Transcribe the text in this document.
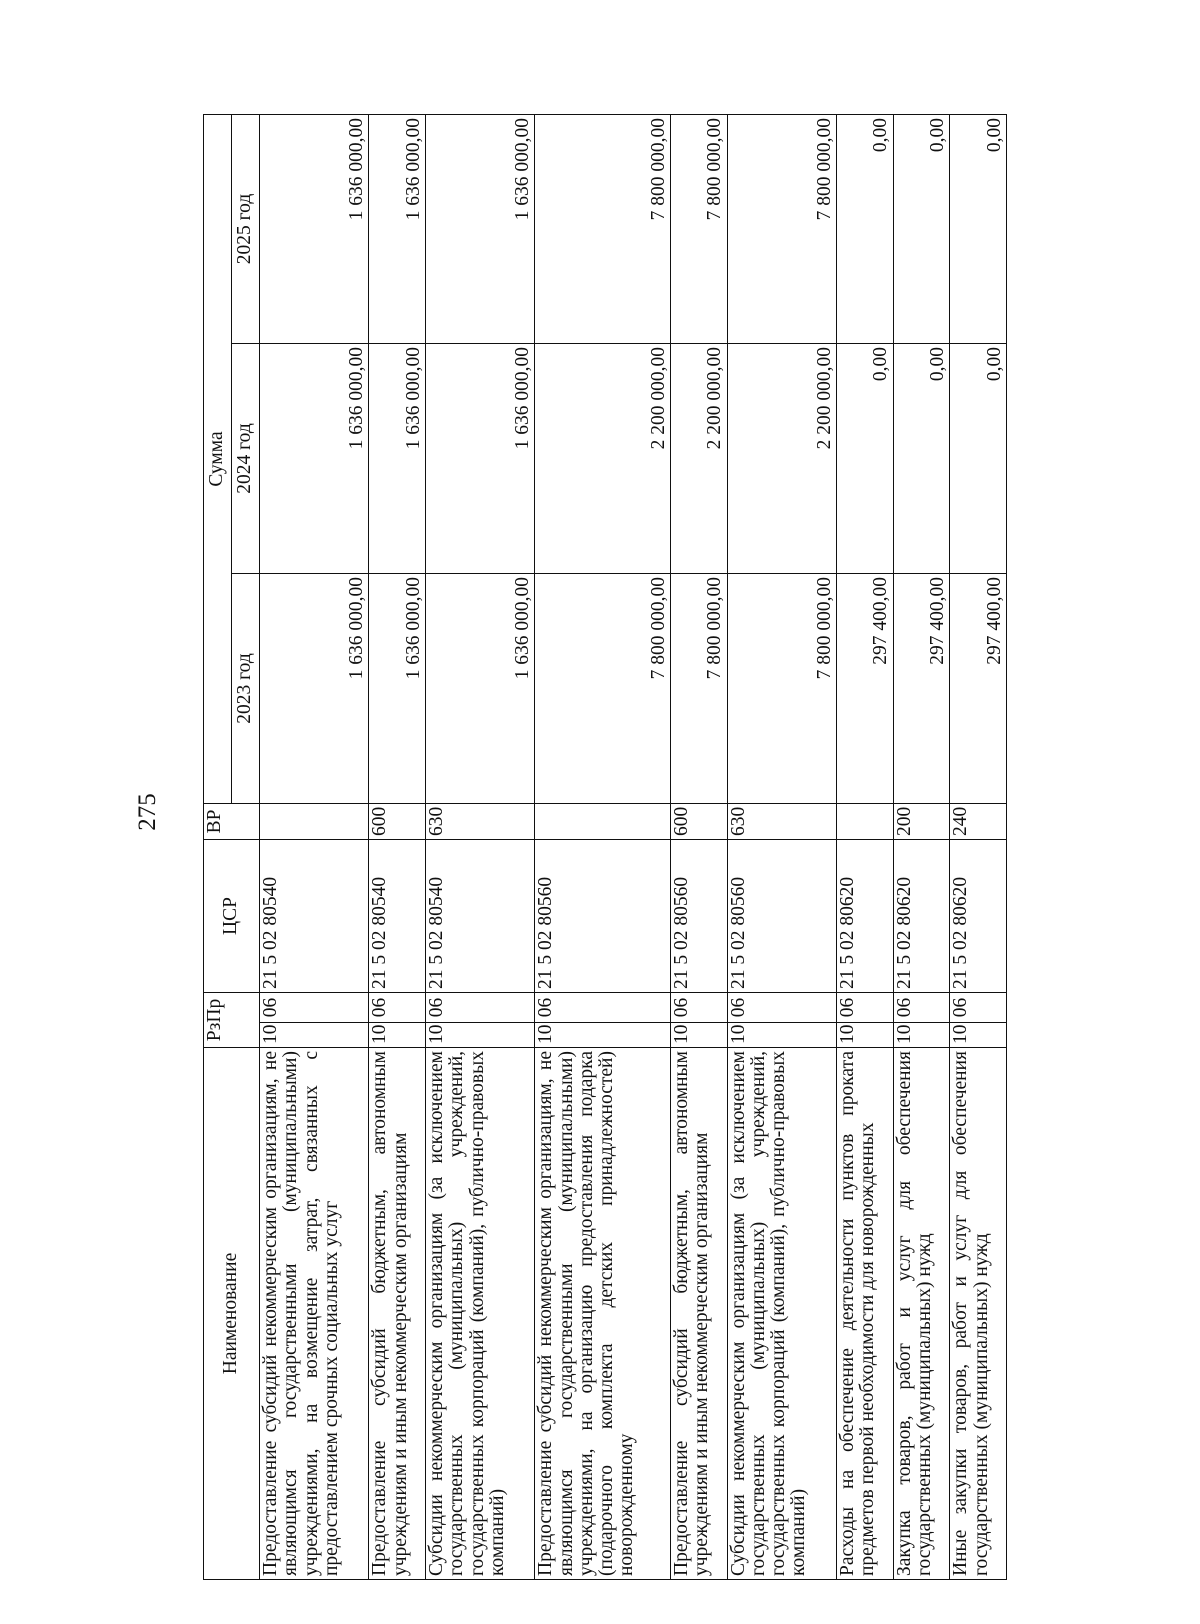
275
Наименование	РзПр		ЦСР	ВР	Сумма		
					2023 год	2024 год	2025 год
Предоставление субсидий некоммерческим организациям, не являющимся государственными (муниципальными) учреждениями, на возмещение затрат, связанных с предоставлением срочных социальных услуг	10	06	21 5 02 80540		1 636 000,00	1 636 000,00	1 636 000,00
Предоставление субсидий бюджетным, автономным учреждениям и иным некоммерческим организациям	10	06	21 5 02 80540	600	1 636 000,00	1 636 000,00	1 636 000,00
Субсидии некоммерческим организациям (за исключением государственных (муниципальных) учреждений, государственных корпораций (компаний), публично-правовых компаний)	10	06	21 5 02 80540	630	1 636 000,00	1 636 000,00	1 636 000,00
Предоставление субсидий некоммерческим организациям, не являющимся государственными (муниципальными) учреждениями, на организацию предоставления подарка (подарочного комплекта детских принадлежностей) новорожденному	10	06	21 5 02 80560		7 800 000,00	2 200 000,00	7 800 000,00
Предоставление субсидий бюджетным, автономным учреждениям и иным некоммерческим организациям	10	06	21 5 02 80560	600	7 800 000,00	2 200 000,00	7 800 000,00
Субсидии некоммерческим организациям (за исключением государственных (муниципальных) учреждений, государственных корпораций (компаний), публично-правовых компаний)	10	06	21 5 02 80560	630	7 800 000,00	2 200 000,00	7 800 000,00
Расходы на обеспечение деятельности пунктов проката предметов первой необходимости для новорожденных	10	06	21 5 02 80620		297 400,00	0,00	0,00
Закупка товаров, работ и услуг для обеспечения государственных (муниципальных) нужд	10	06	21 5 02 80620	200	297 400,00	0,00	0,00
Иные закупки товаров, работ и услуг для обеспечения государственных (муниципальных) нужд	10	06	21 5 02 80620	240	297 400,00	0,00	0,00
